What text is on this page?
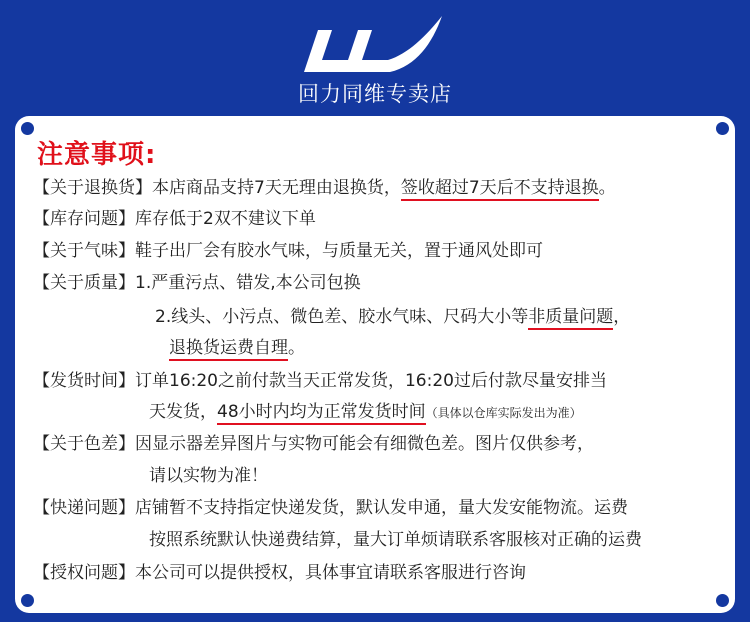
回力同维专卖店
注意事项:
【关于退换货】本店商品支持7天无理由退换货，签收超过7天后不支持退换。
【库存问题】库存低于2双不建议下单
【关于气味】鞋子出厂会有胶水气味，与质量无关，置于通风处即可
【关于质量】1.严重污点、错发,本公司包换
2.线头、小污点、微色差、胶水气味、尺码大小等非质量问题，
退换货运费自理。
【发货时间】订单16:20之前付款当天正常发货，16:20过后付款尽量安排当
天发货，48小时内均为正常发货时间（具体以仓库实际发出为准）
【关于色差】因显示器差异图片与实物可能会有细微色差。图片仅供参考，
请以实物为准！
【快递问题】店铺暂不支持指定快递发货，默认发申通，量大发安能物流。运费
按照系统默认快递费结算，量大订单烦请联系客服核对正确的运费
【授权问题】本公司可以提供授权，具体事宜请联系客服进行咨询
